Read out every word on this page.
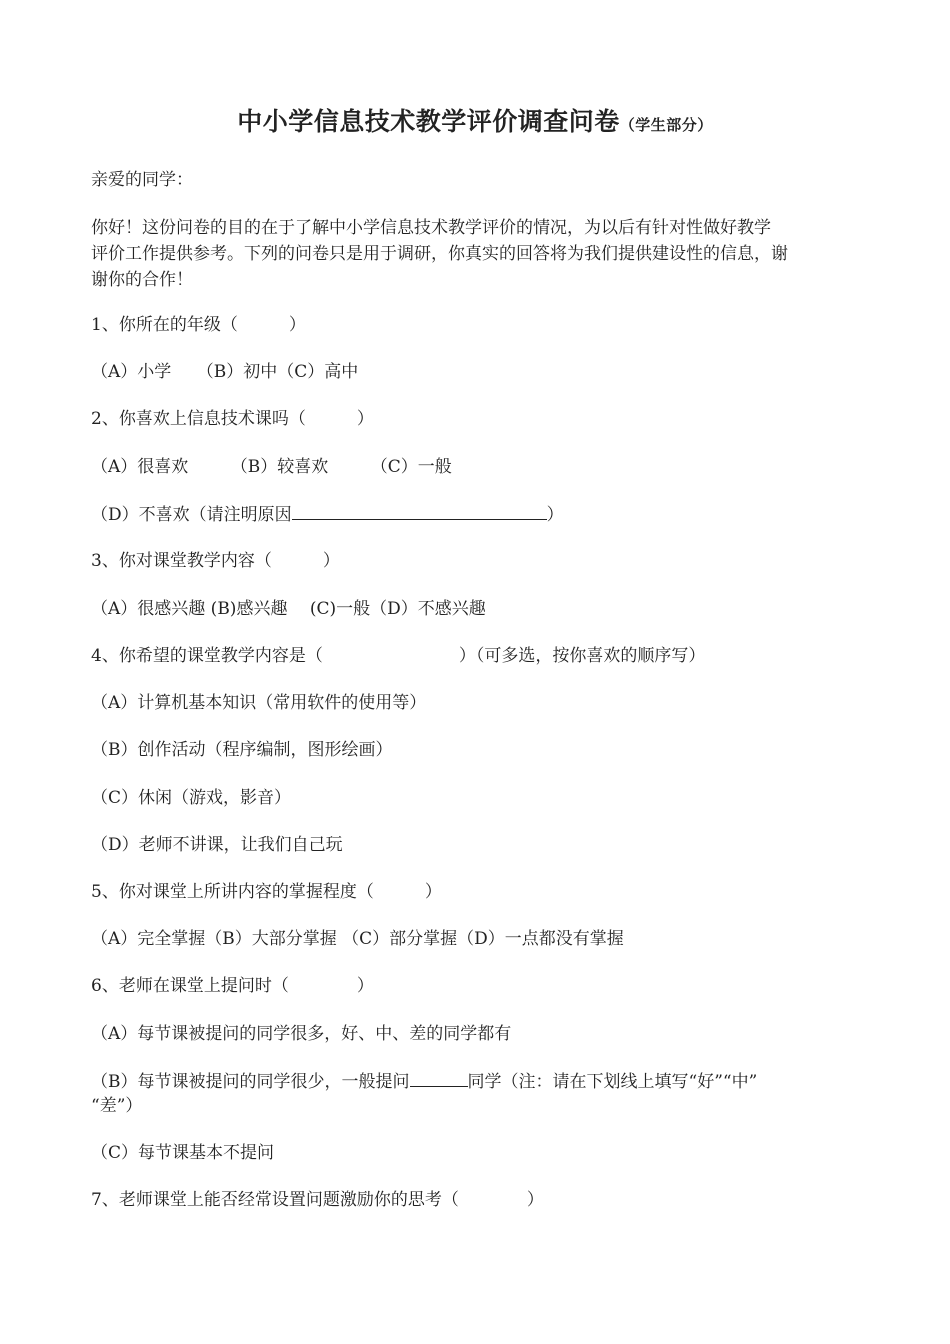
中小学信息技术教学评价调查问卷（学生部分）
亲爱的同学：
你好！这份问卷的目的在于了解中小学信息技术教学评价的情况，为以后有针对性做好教学
评价工作提供参考。下列的问卷只是用于调研，你真实的回答将为我们提供建设性的信息，谢
谢你的合作！
1、你所在的年级（　　　）
（A）小学　　（B）初中（C）高中
2、你喜欢上信息技术课吗（　　　）
（A）很喜欢　　　（B）较喜欢　　　（C）一般
（D）不喜欢（请注明原因	）
3、你对课堂教学内容（　　　）
（A）很感兴趣 (B)感兴趣　 (C)一般（D）不感兴趣
4、你希望的课堂教学内容是（　　　　　　　　）（可多选，按你喜欢的顺序写）
（A）计算机基本知识（常用软件的使用等）
（B）创作活动（程序编制，图形绘画）
（C）休闲（游戏，影音）
（D）老师不讲课，让我们自己玩
5、你对课堂上所讲内容的掌握程度（　　　）
（A）完全掌握（B）大部分掌握 （C）部分掌握（D）一点都没有掌握
6、老师在课堂上提问时（　　　　）
（A）每节课被提问的同学很多，好、中、差的同学都有
（B）每节课被提问的同学很少，一般提问	同学（注：请在下划线上填写“好”“中”
“差”）
（C）每节课基本不提问
7、老师课堂上能否经常设置问题激励你的思考（　　　　）
